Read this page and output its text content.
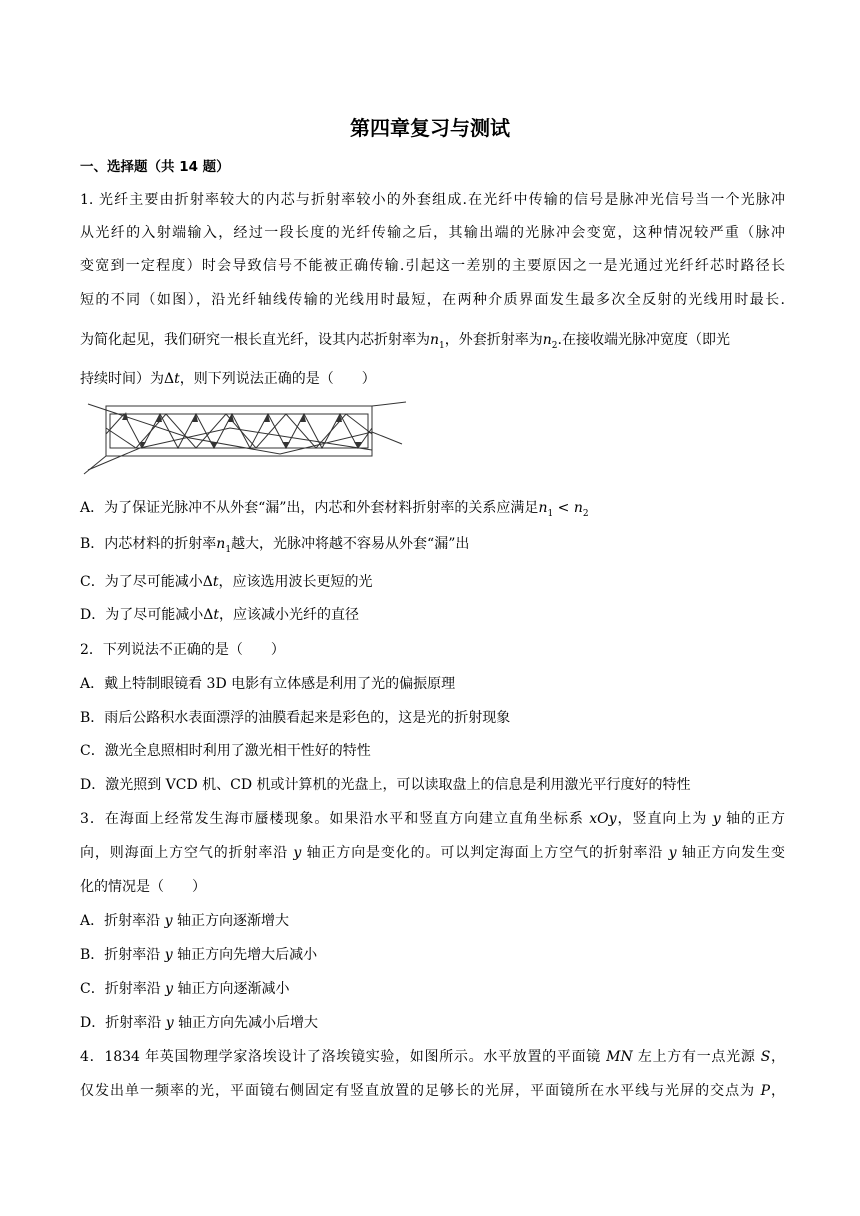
第四章复习与测试
一、选择题（共 14 题）
1. 光纤主要由折射率较大的内芯与折射率较小的外套组成.在光纤中传输的信号是脉冲光信号当一个光脉冲
从光纤的入射端输入，经过一段长度的光纤传输之后，其输出端的光脉冲会变宽，这种情况较严重（脉冲
变宽到一定程度）时会导致信号不能被正确传输.引起这一差别的主要原因之一是光通过光纤纤芯时路径长
短的不同（如图），沿光纤轴线传输的光线用时最短，在两种介质界面发生最多次全反射的光线用时最长.
为简化起见，我们研究一根长直光纤，设其内芯折射率为$n_1$，外套折射率为$n_2$.在接收端光脉冲宽度（即光
持续时间）为Δt，则下列说法正确的是（　　）
A．为了保证光脉冲不从外套“漏”出，内芯和外套材料折射率的关系应满足$n_1 < n_2$
B．内芯材料的折射率$n_1$越大，光脉冲将越不容易从外套“漏”出
C．为了尽可能减小Δt，应该选用波长更短的光
D．为了尽可能减小Δt，应该减小光纤的直径
2．下列说法不正确的是（　　）
A．戴上特制眼镜看 3D 电影有立体感是利用了光的偏振原理
B．雨后公路积水表面漂浮的油膜看起来是彩色的，这是光的折射现象
C．激光全息照相时利用了激光相干性好的特性
D．激光照到 VCD 机、CD 机或计算机的光盘上，可以读取盘上的信息是利用激光平行度好的特性
3．在海面上经常发生海市蜃楼现象。如果沿水平和竖直方向建立直角坐标系 xOy，竖直向上为 y 轴的正方
向，则海面上方空气的折射率沿 y 轴正方向是变化的。可以判定海面上方空气的折射率沿 y 轴正方向发生变
化的情况是（　　）
A．折射率沿 y 轴正方向逐渐增大
B．折射率沿 y 轴正方向先增大后减小
C．折射率沿 y 轴正方向逐渐减小
D．折射率沿 y 轴正方向先减小后增大
4．1834 年英国物理学家洛埃设计了洛埃镜实验，如图所示。水平放置的平面镜 MN 左上方有一点光源 S，
仅发出单一频率的光，平面镜右侧固定有竖直放置的足够长的光屏，平面镜所在水平线与光屏的交点为 P，
